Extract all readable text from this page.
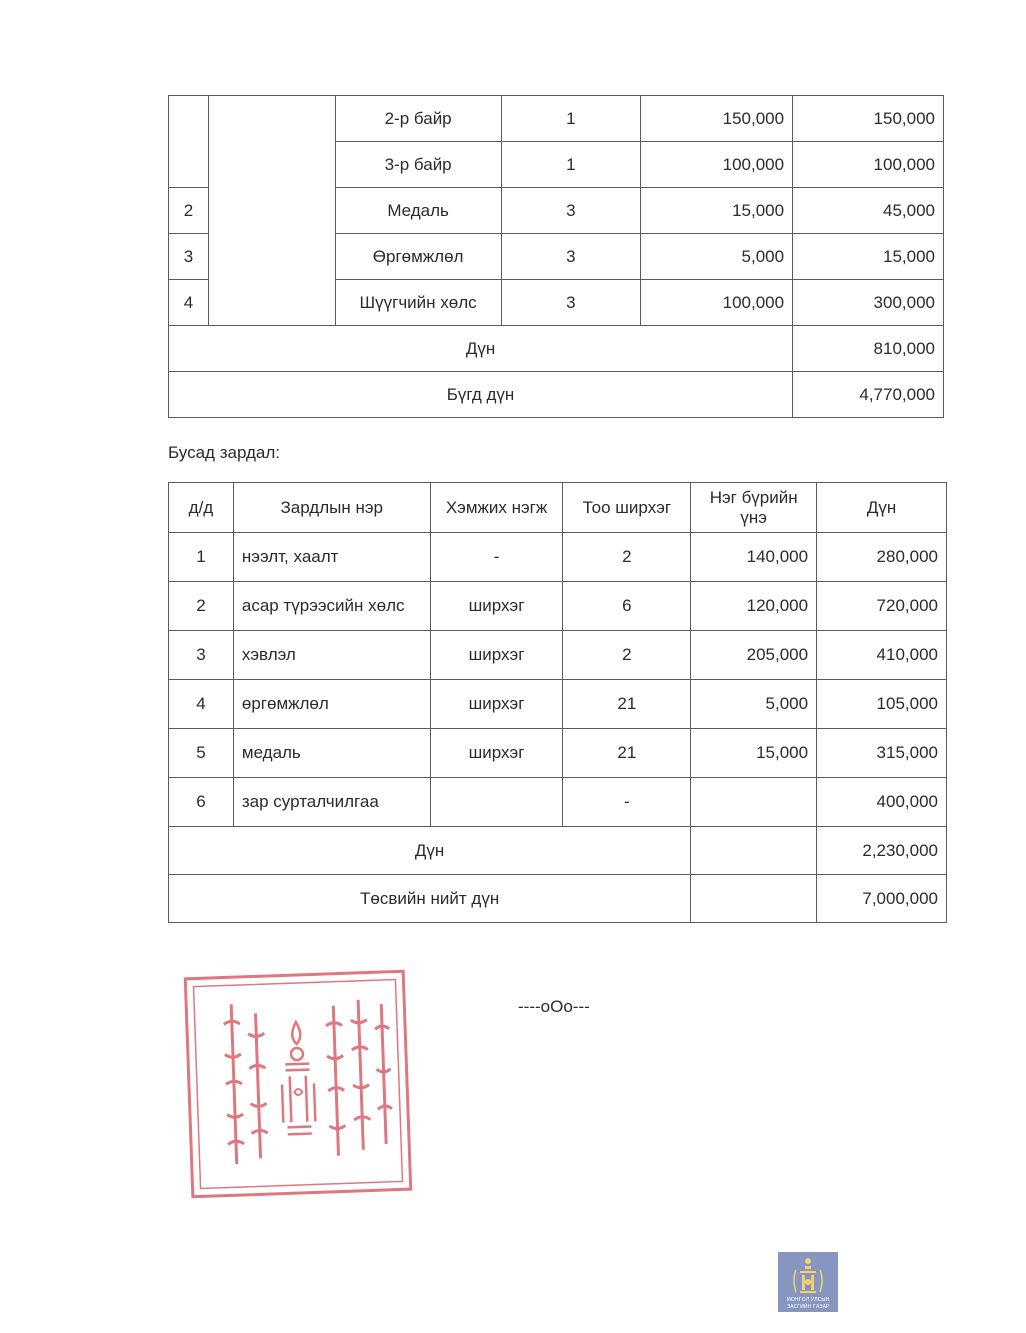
		2-р байр	1	150,000	150,000
		3-р байр	1	100,000	100,000
2		Медаль	3	15,000	45,000
3		Өргөмжлөл	3	5,000	15,000
4		Шүүгчийн хөлс	3	100,000	300,000
Дүн					810,000
Бүгд дүн					4,770,000
Бусад зардал:
д/д	Зардлын нэр	Хэмжих нэгж	Тоо ширхэг	Нэг бүрийн үнэ	Дүн
1	нээлт, хаалт	-	2	140,000	280,000
2	асар түрээсийн хөлс	ширхэг	6	120,000	720,000
3	хэвлэл	ширхэг	2	205,000	410,000
4	өргөмжлөл	ширхэг	21	5,000	105,000
5	медаль	ширхэг	21	15,000	315,000
6	зар сурталчилгаа		-		400,000
Дүн					2,230,000
Төсвийн нийт дүн					7,000,000
----oOo---
МОНГОЛ УЛСЫН
ЗАСГИЙН ГАЗАР
